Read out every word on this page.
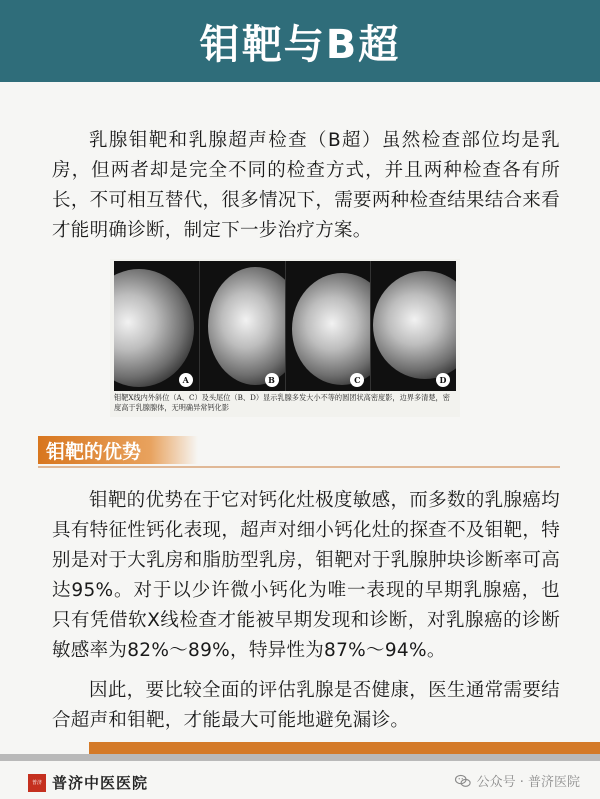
钼靶与B超

乳腺钼靶和乳腺超声检查（B超）虽然检查部位均是乳房，但两者却是完全不同的检查方式，并且两种检查各有所长，不可相互替代，很多情况下，需要两种检查结果结合来看才能明确诊断，制定下一步治疗方案。

A	B	C	D

钼靶X线内外斜位（A、C）及头尾位（B、D）显示乳腺多发大小不等的圆团状高密度影，边界多清楚，密度高于乳腺腺体，无明确异常钙化影

钼靶的优势

钼靶的优势在于它对钙化灶极度敏感，而多数的乳腺癌均具有特征性钙化表现，超声对细小钙化灶的探查不及钼靶，特别是对于大乳房和脂肪型乳房，钼靶对于乳腺肿块诊断率可高达95%。对于以少许微小钙化为唯一表现的早期乳腺癌，也只有凭借软X线检查才能被早期发现和诊断，对乳腺癌的诊断敏感率为82%～89%，特异性为87%～94%。

因此，要比较全面的评估乳腺是否健康，医生通常需要结合超声和钼靶，才能最大可能地避免漏诊。

普济 普济中医医院	公众号 · 普济医院
